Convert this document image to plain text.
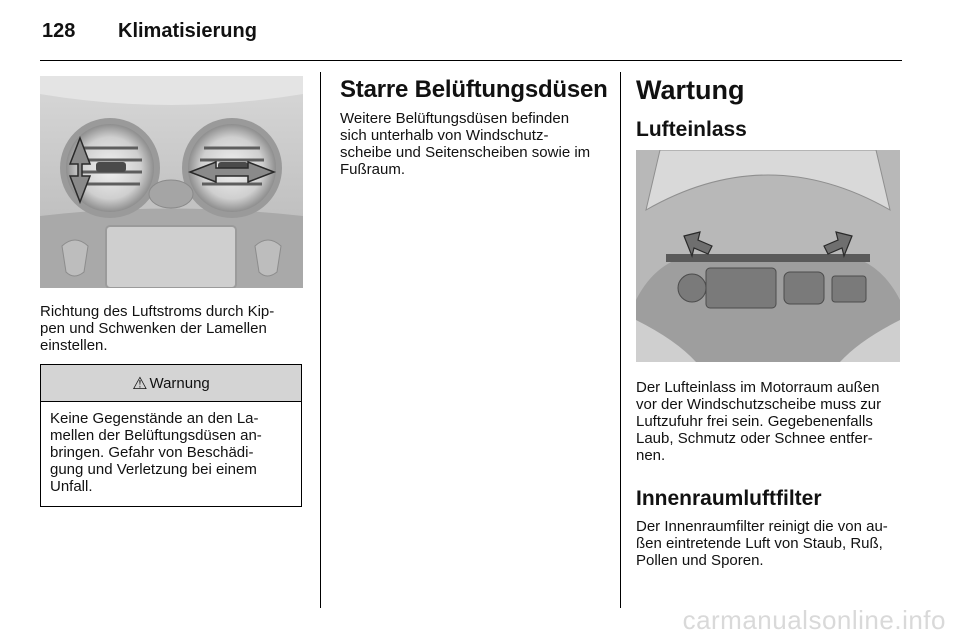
128 Klimatisierung

Richtung des Luftstroms durch Kip-
pen und Schwenken der Lamellen
einstellen.

⚠ Warnung

Keine Gegenstände an den La-
mellen der Belüftungsdüsen an-
bringen. Gefahr von Beschädi-
gung und Verletzung bei einem
Unfall.

Starre Belüftungsdüsen

Weitere Belüftungsdüsen befinden
sich unterhalb von Windschutz-
scheibe und Seitenscheiben sowie im
Fußraum.

Wartung
Lufteinlass

Der Lufteinlass im Motorraum außen
vor der Windschutzscheibe muss zur
Luftzufuhr frei sein. Gegebenenfalls
Laub, Schmutz oder Schnee entfer-
nen.

Innenraumluftfilter

Der Innenraumfilter reinigt die von au-
ßen eintretende Luft von Staub, Ruß,
Pollen und Sporen.

carmanualsonline.info
